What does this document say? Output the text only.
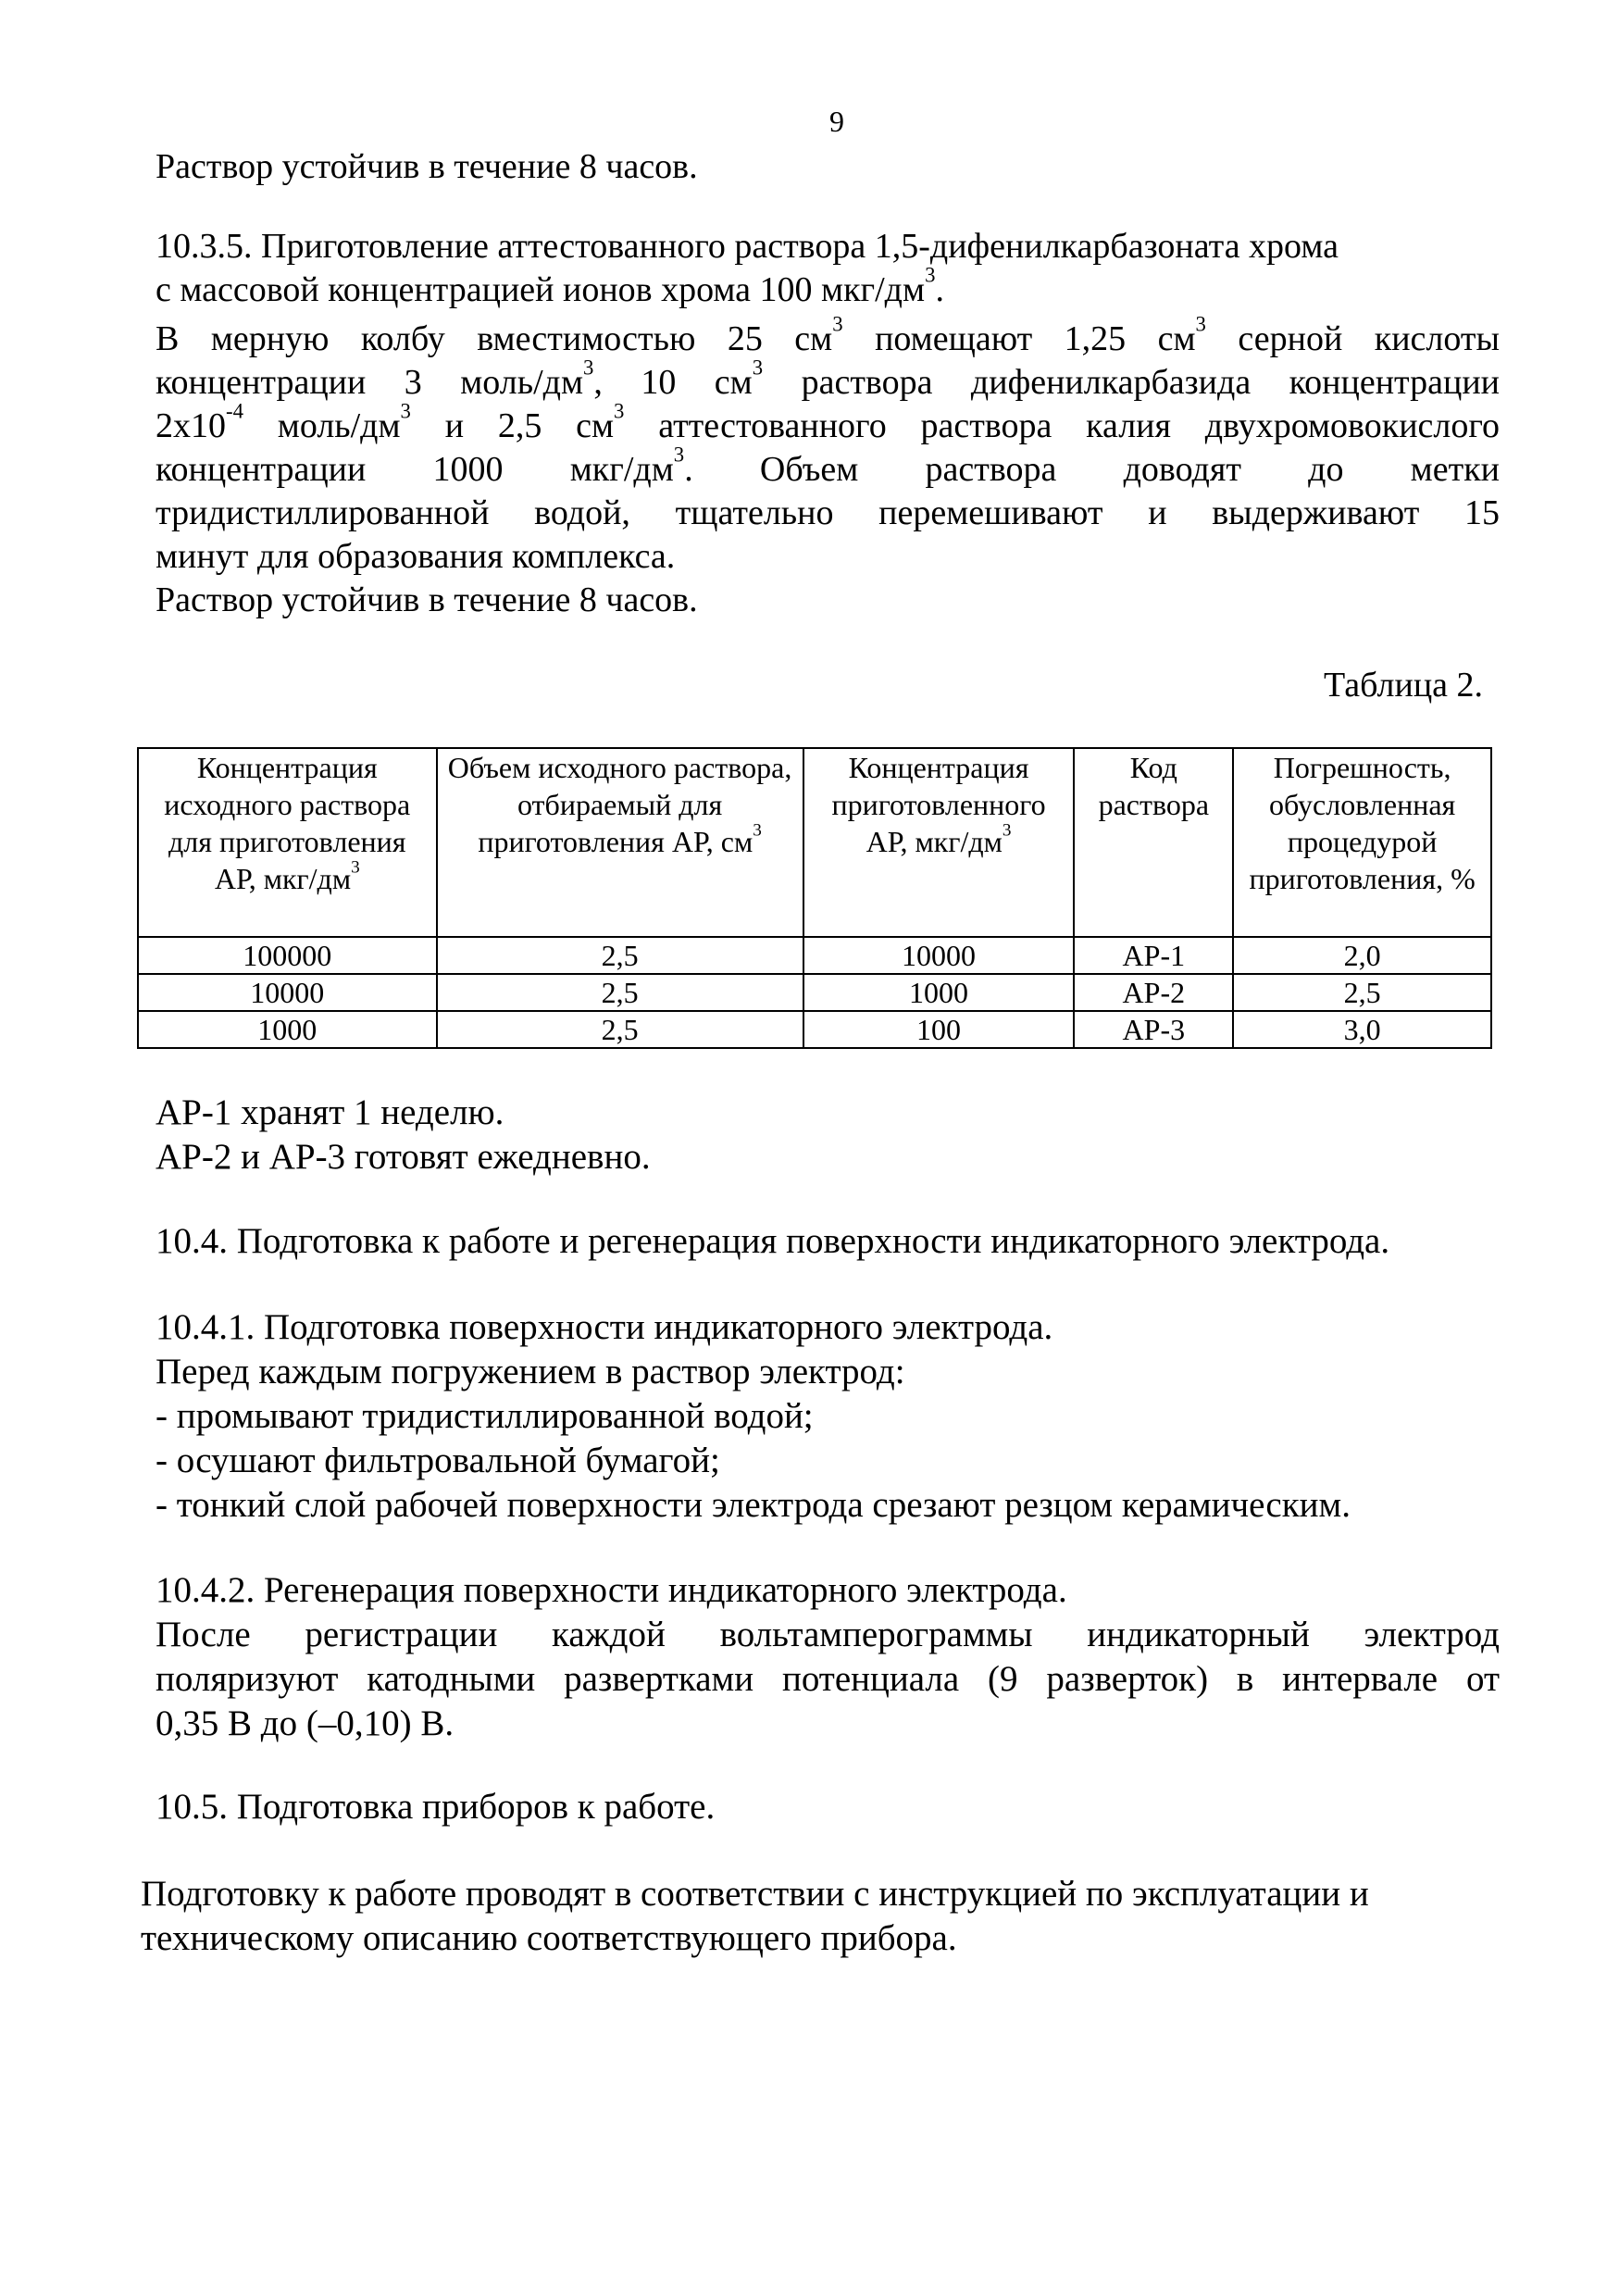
9
Раствор устойчив в течение 8 часов.
10.3.5. Приготовление аттестованного раствора 1,5-дифенилкарбазоната хрома
с массовой концентрацией ионов хрома 100 мкг/$дм^3$.
В мерную колбу вместимостью 25 $см^3$ помещают 1,25 $см^3$ серной кислоты
концентрации 3 моль/$дм^3$, 10 $см^3$ раствора дифенилкарбазида концентрации
$2x10^{-4}$ моль/$дм^3$ и 2,5 $см^3$ аттестованного раствора калия двухромовокислого
концентрации 1000 мкг/$дм^3$. Объем раствора доводят до метки
тридистиллированной водой, тщательно перемешивают и выдерживают 15
минут для образования комплекса.
Раствор устойчив в течение 8 часов.
Таблица 2.
Концентрация исходного раствора для приготовления АР, мкг/$дм^3$	Объем исходного раствора, отбираемый для приготовления АР, $см^3$	Концентрация приготовленного АР, мкг/$дм^3$	Код раствора	Погрешность, обусловленная процедурой приготовления, %
100000	2,5	10000	АР-1	2,0
10000	2,5	1000	АР-2	2,5
1000	2,5	100	АР-3	3,0
АР-1 хранят 1 неделю.
АР-2 и АР-3 готовят ежедневно.
10.4. Подготовка к работе и регенерация поверхности индикаторного электрода.
10.4.1. Подготовка поверхности индикаторного электрода.
Перед каждым погружением в раствор электрод:
- промывают тридистиллированной водой;
- осушают фильтровальной бумагой;
- тонкий слой рабочей поверхности электрода срезают резцом керамическим.
10.4.2. Регенерация поверхности индикаторного электрода.
После регистрации каждой вольтамперограммы индикаторный электрод
поляризуют катодными развертками потенциала (9 разверток) в интервале от
0,35 В до (–0,10) В.
10.5. Подготовка приборов к работе.
Подготовку к работе проводят в соответствии с инструкцией по эксплуатации и
техническому описанию соответствующего прибора.
